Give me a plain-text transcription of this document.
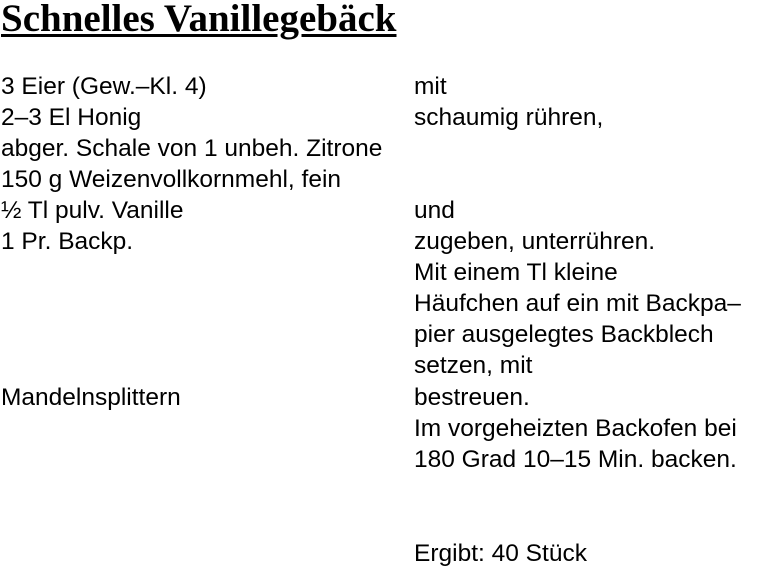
Schnelles Vanillegebäck
3 Eier (Gew.–Kl. 4)
2–3 El Honig
abger. Schale von 1 unbeh. Zitrone
150 g Weizenvollkornmehl, fein
½ Tl pulv. Vanille
1 Pr. Backp.
Mandelnsplittern
mit
schaumig rühren,
und
zugeben, unterrühren.
Mit einem Tl kleine
Häufchen auf ein mit Backpa–
pier ausgelegtes Backblech
setzen, mit
bestreuen.
Im vorgeheizten Backofen bei
180 Grad 10–15 Min. backen.
Ergibt: 40 Stück
